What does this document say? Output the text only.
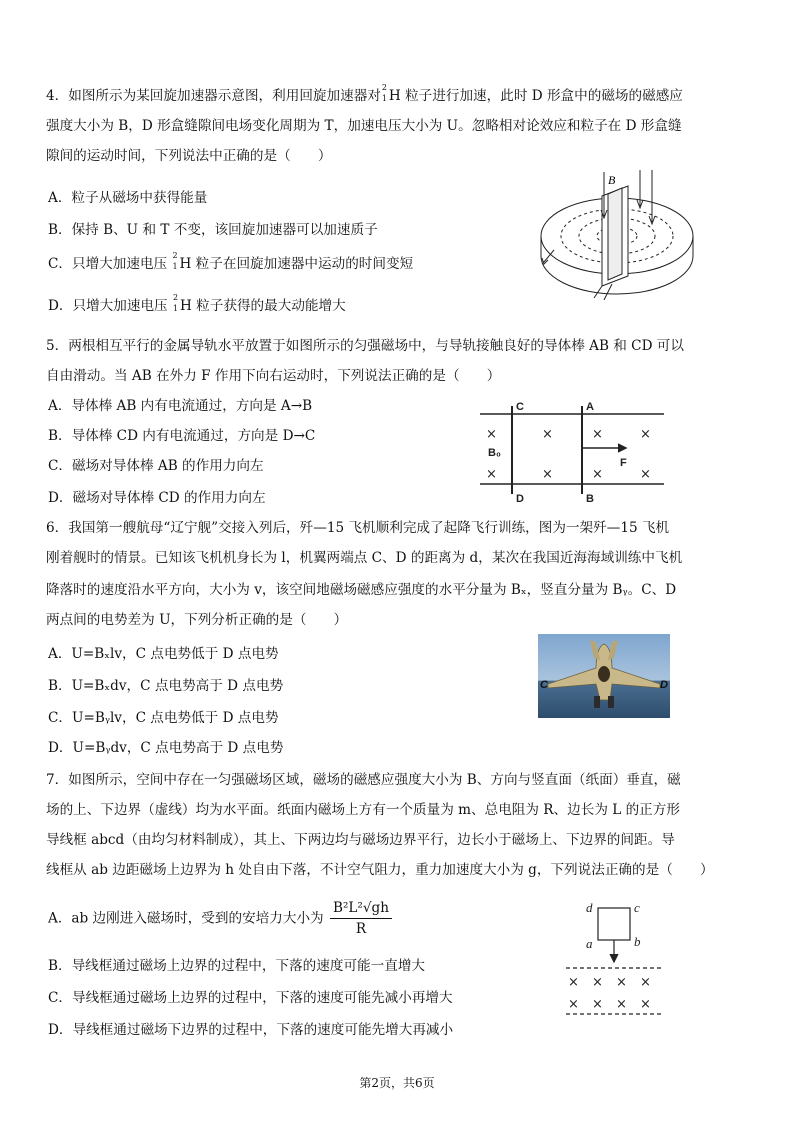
4．如图所示为某回旋加速器示意图，利用回旋加速器对
2
1 H 粒子进行加速，此时 D 形盒中的磁场的磁感应
强度大小为 B，D 形盒缝隙间电场变化周期为 T，加速电压大小为 U。忽略相对论效应和粒子在 D 形盒缝
隙间的运动时间，下列说法中正确的是（　　）
A．粒子从磁场中获得能量
B．保持 B、U 和 T 不变，该回旋加速器可以加速质子
C．只增大加速电压
2
1 H 粒子在回旋加速器中运动的时间变短
D．只增大加速电压
2
1 H 粒子获得的最大动能增大
B
5．两根相互平行的金属导轨水平放置于如图所示的匀强磁场中，与导轨接触良好的导体棒 AB 和 CD 可以
自由滑动。当 AB 在外力 F 作用下向右运动时，下列说法正确的是（　　）
A．导体棒 AB 内有电流通过，方向是 A→B
B．导体棒 CD 内有电流通过，方向是 D→C
C．磁场对导体棒 AB 的作用力向左
D．磁场对导体棒 CD 的作用力向左
C	A
D	B
F
B₀
×	×	×	×
×	×	×	×
6．我国第一艘航母“辽宁舰”交接入列后，歼—15 飞机顺利完成了起降飞行训练，图为一架歼—15 飞机
刚着舰时的情景。已知该飞机机身长为 l，机翼两端点 C、D 的距离为 d，某次在我国近海海域训练中飞机
降落时的速度沿水平方向，大小为 v，该空间地磁场磁感应强度的水平分量为 Bₓ，竖直分量为 Bᵧ。C、D
两点间的电势差为 U，下列分析正确的是（　　）
A．U=Bₓlv，C 点电势低于 D 点电势
B．U=Bₓdv，C 点电势高于 D 点电势
C．U=Bᵧlv，C 点电势低于 D 点电势
D．U=Bᵧdv，C 点电势高于 D 点电势
C	D
7．如图所示，空间中存在一匀强磁场区域，磁场的磁感应强度大小为 B、方向与竖直面（纸面）垂直，磁
场的上、下边界（虚线）均为水平面。纸面内磁场上方有一个质量为 m、总电阻为 R、边长为 L 的正方形
导线框 abcd（由均匀材料制成），其上、下两边均与磁场边界平行，边长小于磁场上、下边界的间距。导
线框从 ab 边距磁场上边界为 h 处自由下落，不计空气阻力，重力加速度大小为 g，下列说法正确的是（　　）
A．ab 边刚进入磁场时，受到的安培力大小为 $\frac{\text{B²L²√gh}}{R}$
B．导线框通过磁场上边界的过程中，下落的速度可能一直增大
C．导线框通过磁场上边界的过程中，下落的速度可能先减小再增大
D．导线框通过磁场下边界的过程中，下落的速度可能先增大再减小
d	c
a	b
× × × ×
× × × ×
第2页，共6页
